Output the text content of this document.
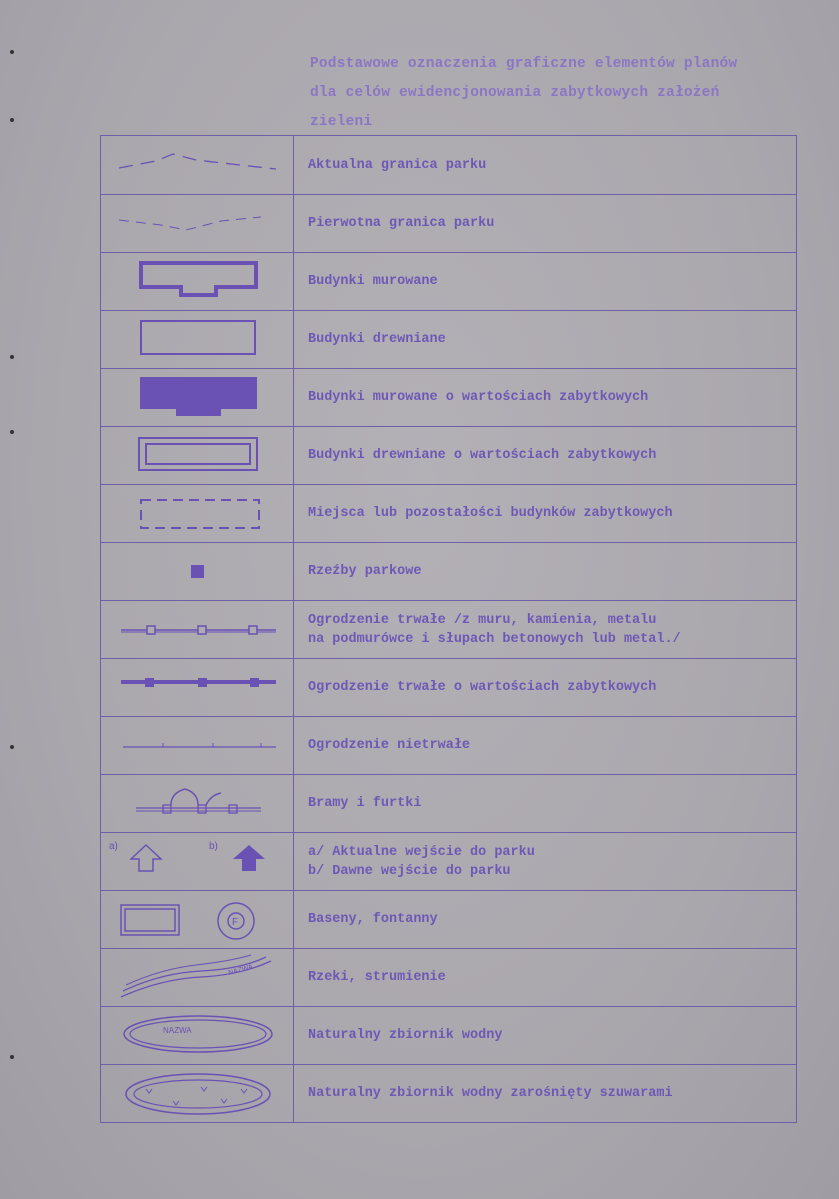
Podstawowe oznaczenia graficzne elementów planów
dla celów ewidencjonowania zabytkowych założeń
zieleni
Aktualna granica parku
Pierwotna granica parku
Budynki murowane
Budynki drewniane
Budynki murowane o wartościach zabytkowych
Budynki drewniane o wartościach zabytkowych
Miejsca lub pozostałości budynków zabytkowych
Rzeźby parkowe
Ogrodzenie trwałe /z muru, kamienia, metalu
na podmurówce i słupach betonowych lub metal./
Ogrodzenie trwałe o wartościach zabytkowych
Ogrodzenie nietrwałe
Bramy i furtki
a)	b)	a/ Aktualne wejście do parku
b/ Dawne wejście do parku
F	Baseny, fontanny
NAZWA	Rzeki, strumienie
NAZWA	Naturalny zbiornik wodny
Naturalny zbiornik wodny zarośnięty szuwarami
